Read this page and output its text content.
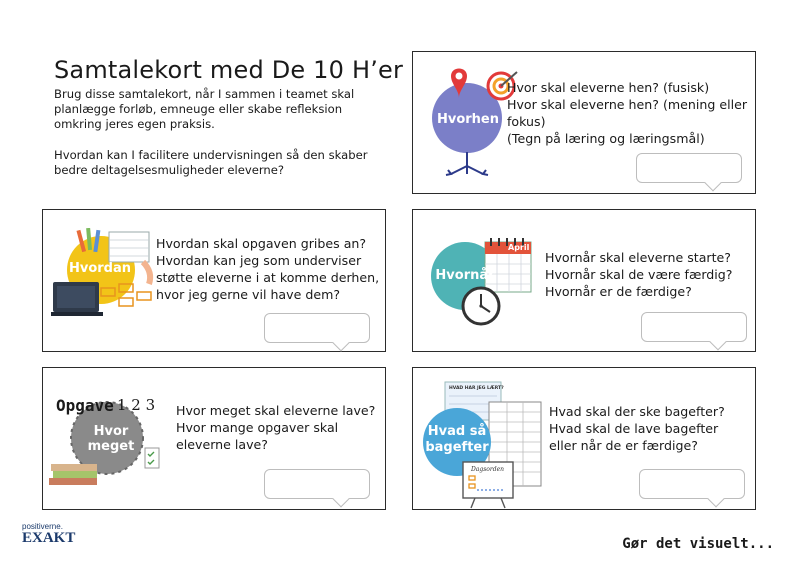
Samtalekort med De 10 H’er

Brug disse samtalekort, når I sammen i teamet skal planlægge forløb, emneuge eller skabe refleksion omkring jeres egen praksis.

Hvordan kan I facilitere undervisningen så den skaber bedre deltagelsesmuligheder eleverne?

Hvorhen
Hvor skal eleverne hen? (fusisk)
Hvor skal eleverne hen? (mening eller
fokus)
(Tegn på læring og læringsmål)
Hvordan
Hvordan skal opgaven gribes an?
Hvordan kan jeg som underviser
støtte eleverne i at komme derhen,
hvor jeg gerne vil have dem?
April
Hvornår
Hvornår skal eleverne starte?
Hvornår skal de være færdig?
Hvornår er de færdige?
Opgave 1 2 3
Hvor
meget
Hvor meget skal eleverne lave?
Hvor mange opgaver skal
eleverne lave?
HVAD HAR JEG LÆRT?
Dagsorden
Hvad så
bagefter
Hvad skal der ske bagefter?
Hvad skal de lave bagefter
eller når de er færdige?
positiverne.
EXAKT	Gør det visuelt...
